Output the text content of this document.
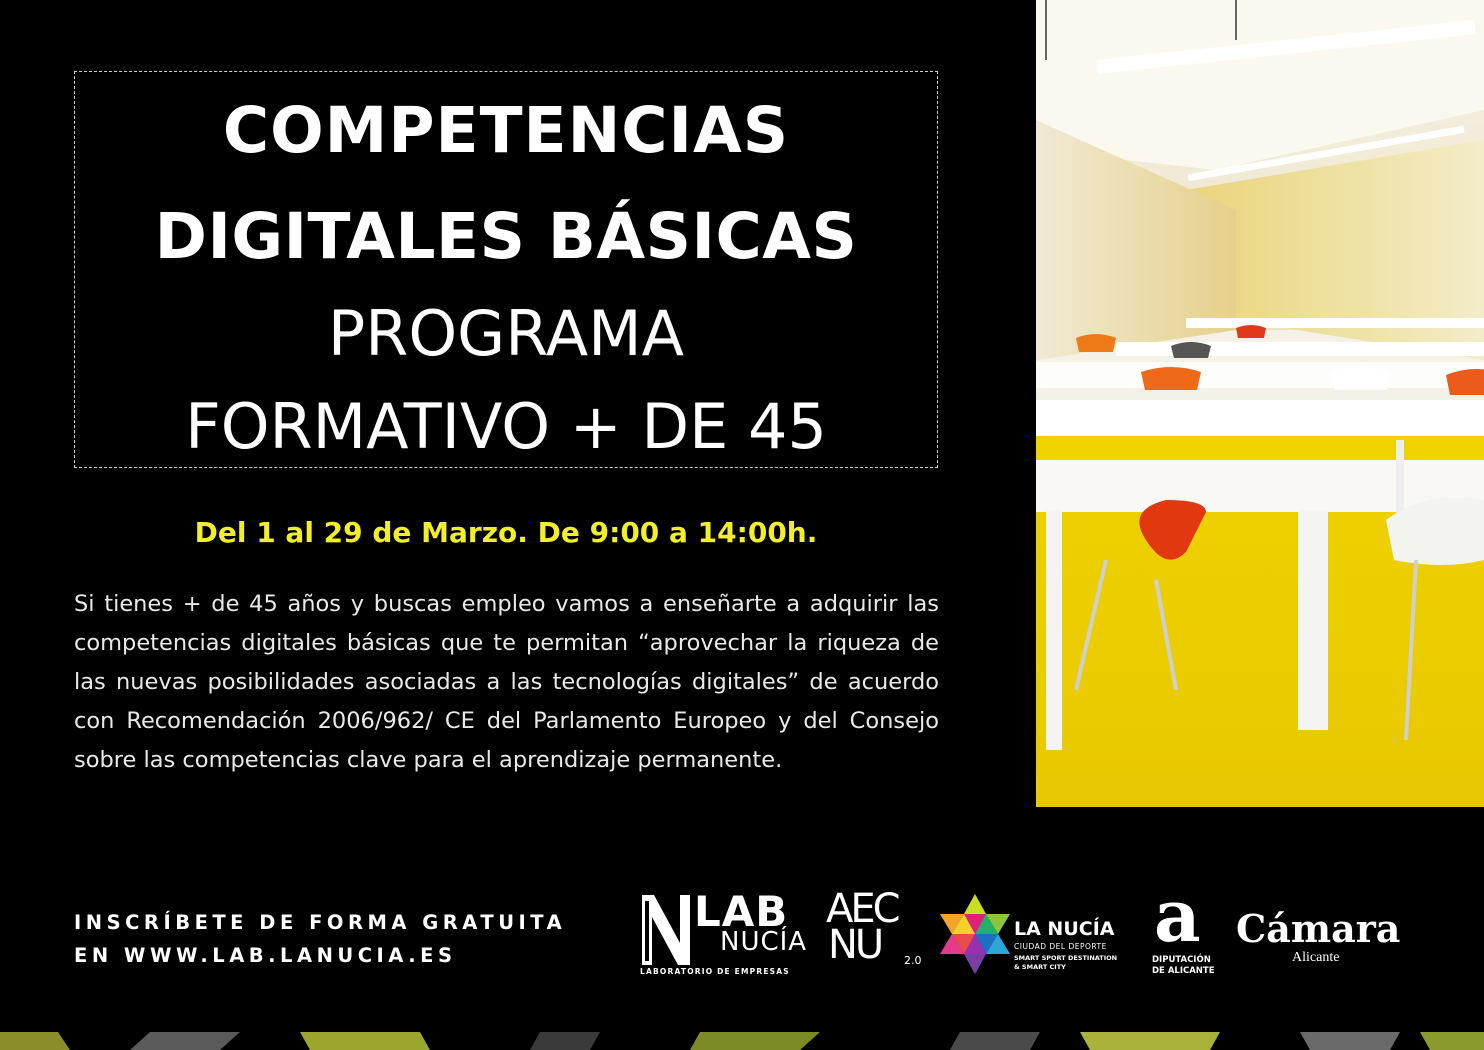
COMPETENCIAS
DIGITALES BÁSICAS
PROGRAMA
FORMATIVO + DE 45
Del 1 al 29 de Marzo. De 9:00 a 14:00h.

Si tienes + de 45 años y buscas empleo vamos a enseñarte a adquirir las competencias digitales básicas que te permitan “aprovechar la riqueza de las nuevas posibilidades asociadas a las tecnologías digitales” de acuerdo con Recomendación 2006/962/ CE del Parlamento Europeo y del Consejo sobre las competencias clave para el aprendizaje permanente.

INSCRÍBETE DE FORMA GRATUITA
EN WWW.LAB.LANUCIA.ES
LAB
NUCÍA
LABORATORIO DE EMPRESAS
AEC
NU 2.0
LA NUCÍA
CIUDAD DEL DEPORTE
SMART SPORT DESTINATION
& SMART CITY
a
DIPUTACIÓN
DE ALICANTE
Cámara
Alicante
